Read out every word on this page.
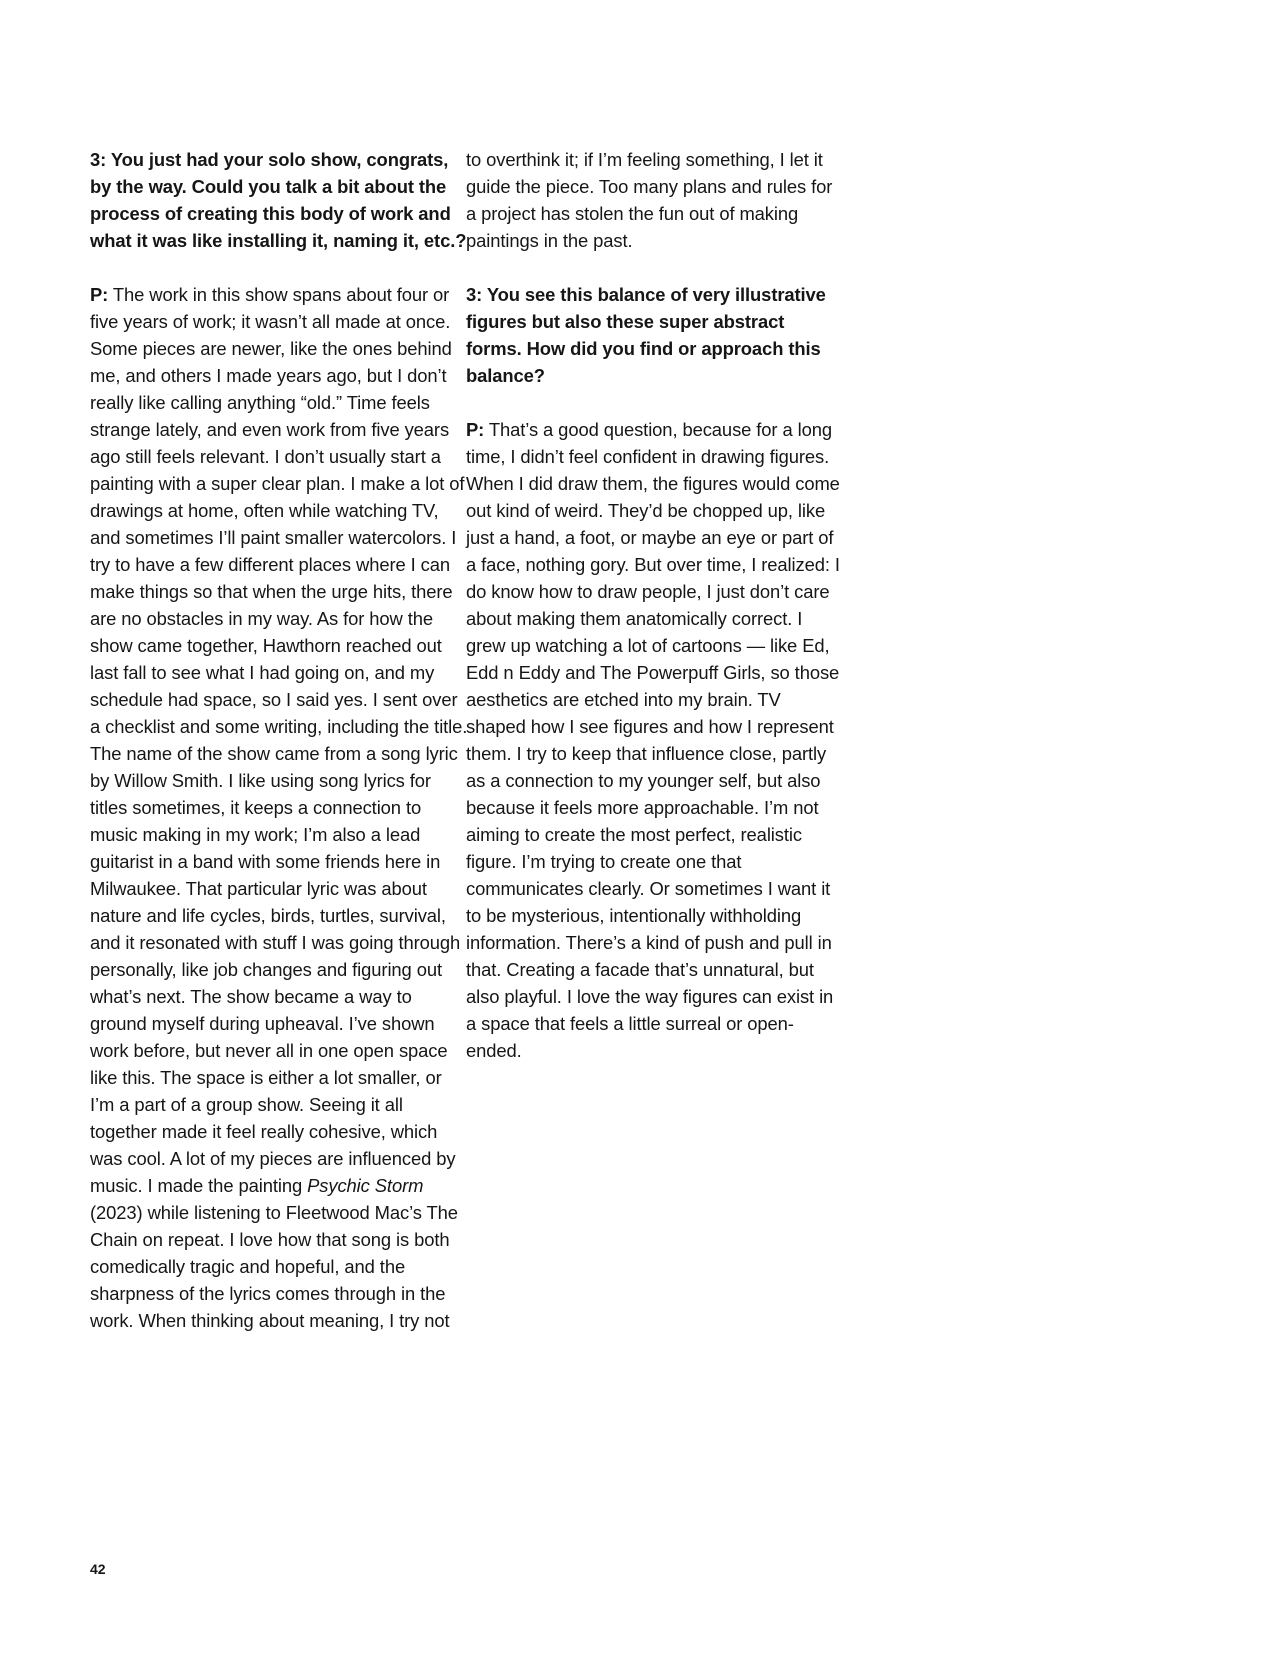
3: You just had your solo show, congrats, by the way. Could you talk a bit about the process of creating this body of work and what it was like installing it, naming it, etc.?

P: The work in this show spans about four or five years of work; it wasn’t all made at once. Some pieces are newer, like the ones behind me, and others I made years ago, but I don’t really like calling anything “old.” Time feels strange lately, and even work from five years ago still feels relevant. I don’t usually start a painting with a super clear plan. I make a lot of drawings at home, often while watching TV, and sometimes I’ll paint smaller watercolors. I try to have a few different places where I can make things so that when the urge hits, there are no obstacles in my way. As for how the show came together, Hawthorn reached out last fall to see what I had going on, and my schedule had space, so I said yes. I sent over a checklist and some writing, including the title. The name of the show came from a song lyric by Willow Smith. I like using song lyrics for titles sometimes, it keeps a connection to music making in my work; I’m also a lead guitarist in a band with some friends here in Milwaukee. That particular lyric was about nature and life cycles, birds, turtles, survival, and it resonated with stuff I was going through personally, like job changes and figuring out what’s next. The show became a way to ground myself during upheaval. I’ve shown work before, but never all in one open space like this. The space is either a lot smaller, or I’m a part of a group show. Seeing it all together made it feel really cohesive, which was cool. A lot of my pieces are influenced by music. I made the painting Psychic Storm (2023) while listening to Fleetwood Mac’s The Chain on repeat. I love how that song is both comedically tragic and hopeful, and the sharpness of the lyrics comes through in the work. When thinking about meaning, I try not

to overthink it; if I’m feeling something, I let it guide the piece. Too many plans and rules for a project has stolen the fun out of making paintings in the past.

3: You see this balance of very illustrative figures but also these super abstract forms. How did you find or approach this balance?

P: That’s a good question, because for a long time, I didn’t feel confident in drawing figures. When I did draw them, the figures would come out kind of weird. They’d be chopped up, like just a hand, a foot, or maybe an eye or part of a face, nothing gory. But over time, I realized: I do know how to draw people, I just don’t care about making them anatomically correct. I grew up watching a lot of cartoons — like Ed, Edd n Eddy and The Powerpuff Girls, so those aesthetics are etched into my brain. TV shaped how I see figures and how I represent them. I try to keep that influence close, partly as a connection to my younger self, but also because it feels more approachable. I’m not aiming to create the most perfect, realistic figure. I’m trying to create one that communicates clearly. Or sometimes I want it to be mysterious, intentionally withholding information. There’s a kind of push and pull in that. Creating a facade that’s unnatural, but also playful. I love the way figures can exist in a space that feels a little surreal or open-ended.

42
